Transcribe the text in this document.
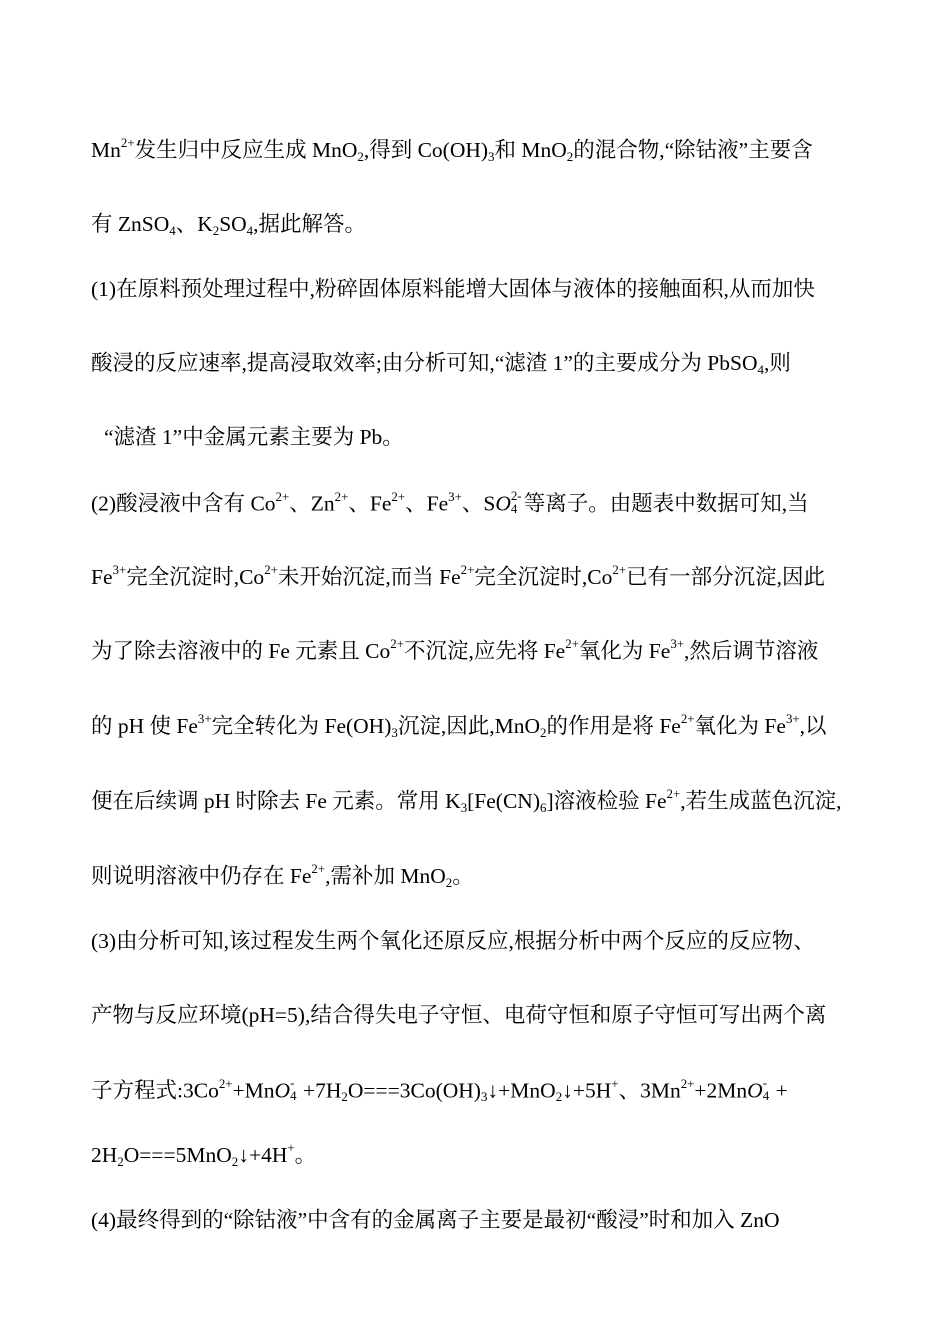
$Mn^{2+}$发生归中反应生成 MnO$_2$,得到 $Co(OH)_3$和 MnO$_2$的混合物,“除钴液”主要含
有 ZnSO$_4$、$K_2SO_4$,据此解答。
(1)在原料预处理过程中,粉碎固体原料能增大固体与液体的接触面积,从而加快
酸浸的反应速率,提高浸取效率;由分析可知,“滤渣 1”的主要成分为 PbSO$_4$,则
“滤渣 1”中金属元素主要为 Pb。
(2)酸浸液中含有 $Co^{2+}$、$Zn^{2+}$、$Fe^{2+}$、$Fe^{3+}$、SO 2-
4 等离子。由题表中数据可知,当
$Fe^{3+}$完全沉淀时$,Co^{2+}$未开始沉淀,而当 $Fe^{2+}$完全沉淀时$,Co^{2+}$已有一部分沉淀,因此
为了除去溶液中的 Fe 元素且 $Co^{2+}$不沉淀,应先将 $Fe^{2+}$氧化为 $Fe^{3+}$,然后调节溶液
的 pH 使 $Fe^{3+}$完全转化为 $Fe(OH)_3$沉淀,因此,MnO$_2$的作用是将 $Fe^{2+}$氧化为 $Fe^{3+}$,以
便在后续调 pH 时除去 Fe 元素。常用 $K_3[Fe(CN)_6]$溶液检验 $Fe^{2+}$,若生成蓝色沉淀,
则说明溶液中仍存在 $Fe^{2+}$,需补加 MnO$_2$。
(3)由分析可知,该过程发生两个氧化还原反应,根据分析中两个反应的反应物、
产物与反应环境(pH=5),结合得失电子守恒、电荷守恒和原子守恒可写出两个离
子方程式$:3Co^{2+}+MnO$ -
$4 +7H_2O===3Co(OH)_3↓+MnO_2↓+5H^+$、$3Mn^{2+}+2MnO$ -
4 +
$2H_2O===5MnO_2↓+4H^+$。
(4)最终得到的“除钴液”中含有的金属离子主要是最初“酸浸”时和加入 ZnO
